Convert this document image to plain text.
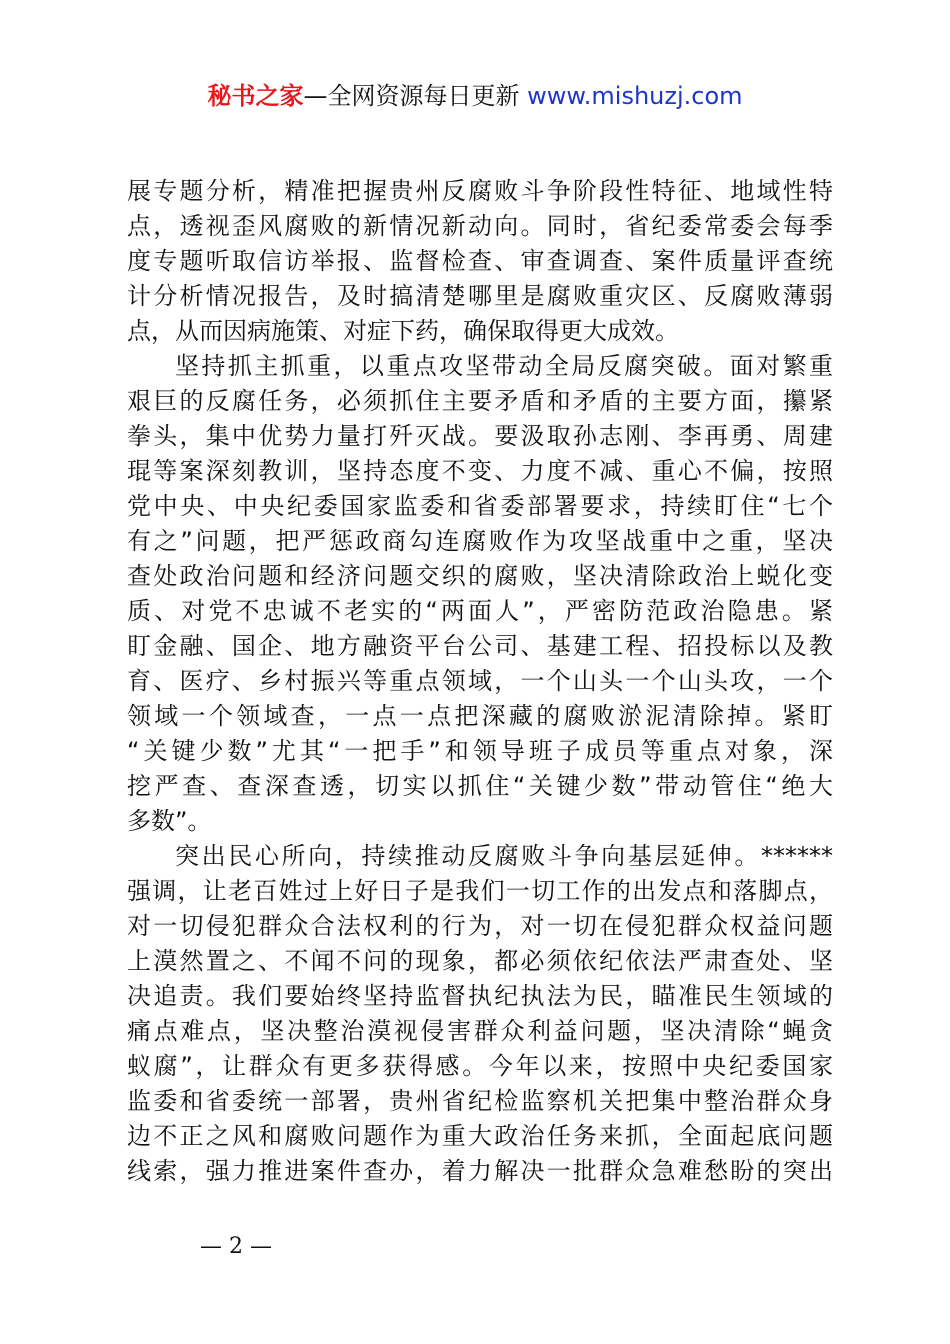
秘书之家—全网资源每日更新 www.mishuzj.com
展专题分析，精准把握贵州反腐败斗争阶段性特征、地域性特
点，透视歪风腐败的新情况新动向。同时，省纪委常委会每季
度专题听取信访举报、监督检查、审查调查、案件质量评查统
计分析情况报告，及时搞清楚哪里是腐败重灾区、反腐败薄弱
点，从而因病施策、对症下药，确保取得更大成效。
坚持抓主抓重，以重点攻坚带动全局反腐突破。面对繁重
艰巨的反腐任务，必须抓住主要矛盾和矛盾的主要方面，攥紧
拳头，集中优势力量打歼灭战。要汲取孙志刚、李再勇、周建
琨等案深刻教训，坚持态度不变、力度不减、重心不偏，按照
党中央、中央纪委国家监委和省委部署要求，持续盯住“七个
有之”问题，把严惩政商勾连腐败作为攻坚战重中之重，坚决
查处政治问题和经济问题交织的腐败，坚决清除政治上蜕化变
质、对党不忠诚不老实的“两面人”，严密防范政治隐患。紧
盯金融、国企、地方融资平台公司、基建工程、招投标以及教
育、医疗、乡村振兴等重点领域，一个山头一个山头攻，一个
领域一个领域查，一点一点把深藏的腐败淤泥清除掉。紧盯
“关键少数”尤其“一把手”和领导班子成员等重点对象，深
挖严查、查深查透，切实以抓住“关键少数”带动管住“绝大
多数”。
突出民心所向，持续推动反腐败斗争向基层延伸。******
强调，让老百姓过上好日子是我们一切工作的出发点和落脚点，
对一切侵犯群众合法权利的行为，对一切在侵犯群众权益问题
上漠然置之、不闻不问的现象，都必须依纪依法严肃查处、坚
决追责。我们要始终坚持监督执纪执法为民，瞄准民生领域的
痛点难点，坚决整治漠视侵害群众利益问题，坚决清除“蝇贪
蚁腐”，让群众有更多获得感。今年以来，按照中央纪委国家
监委和省委统一部署，贵州省纪检监察机关把集中整治群众身
边不正之风和腐败问题作为重大政治任务来抓，全面起底问题
线索，强力推进案件查办，着力解决一批群众急难愁盼的突出
— 2 —
